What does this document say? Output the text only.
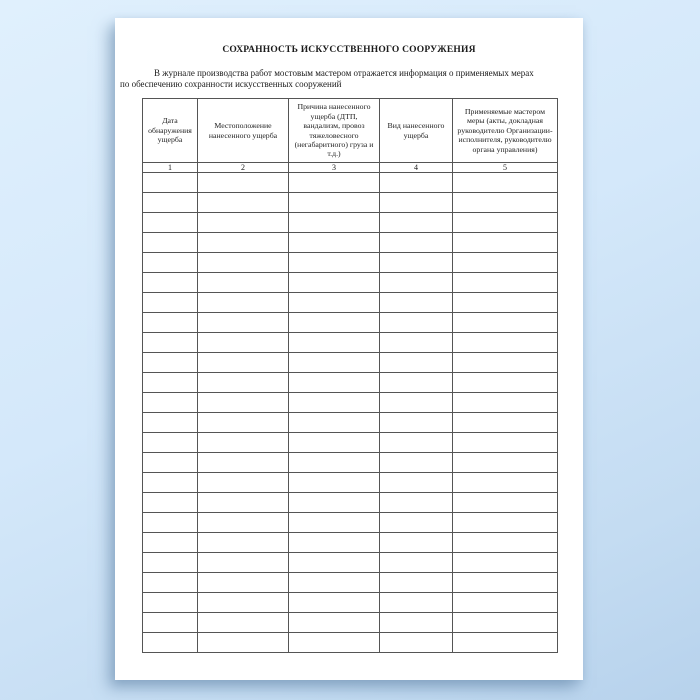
СОХРАННОСТЬ ИСКУССТВЕННОГО СООРУЖЕНИЯ

В журнале производства работ мостовым мастером отражается информация о применяемых мерах
по обеспечению сохранности искусственных сооружений

Дата обнаружения ущерба	Местоположение нанесенного ущерба	Причина нанесенного ущерба (ДТП, вандализм, провоз тяжеловесного (негабаритного) груза и т.д.)	Вид нанесенного ущерба	Применяемые мастером меры (акты, докладная руководителю Организации-исполнителя, руководителю органа управления)
1	2	3	4	5
